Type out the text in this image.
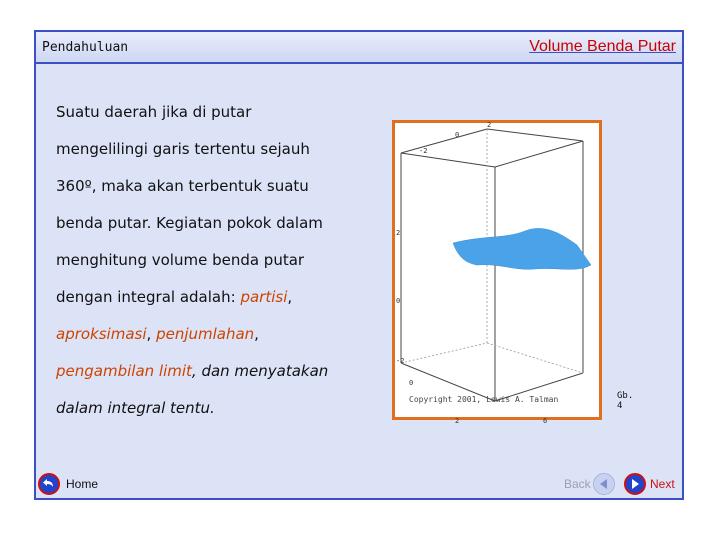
Pendahuluan	Volume Benda Putar

Suatu daerah jika di putar

mengelilingi garis tertentu sejauh

360º, maka akan terbentuk suatu

benda putar. Kegiatan pokok dalam

menghitung volume benda putar

dengan integral adalah: partisi,

aproksimasi, penjumlahan,

pengambilan limit, dan menyatakan

dalam integral tentu.

-2
0
2
2
0
-2
0
2	6
Copyright 2001, Lewis A. Talman	Gb. 4
Home	Back	Next
